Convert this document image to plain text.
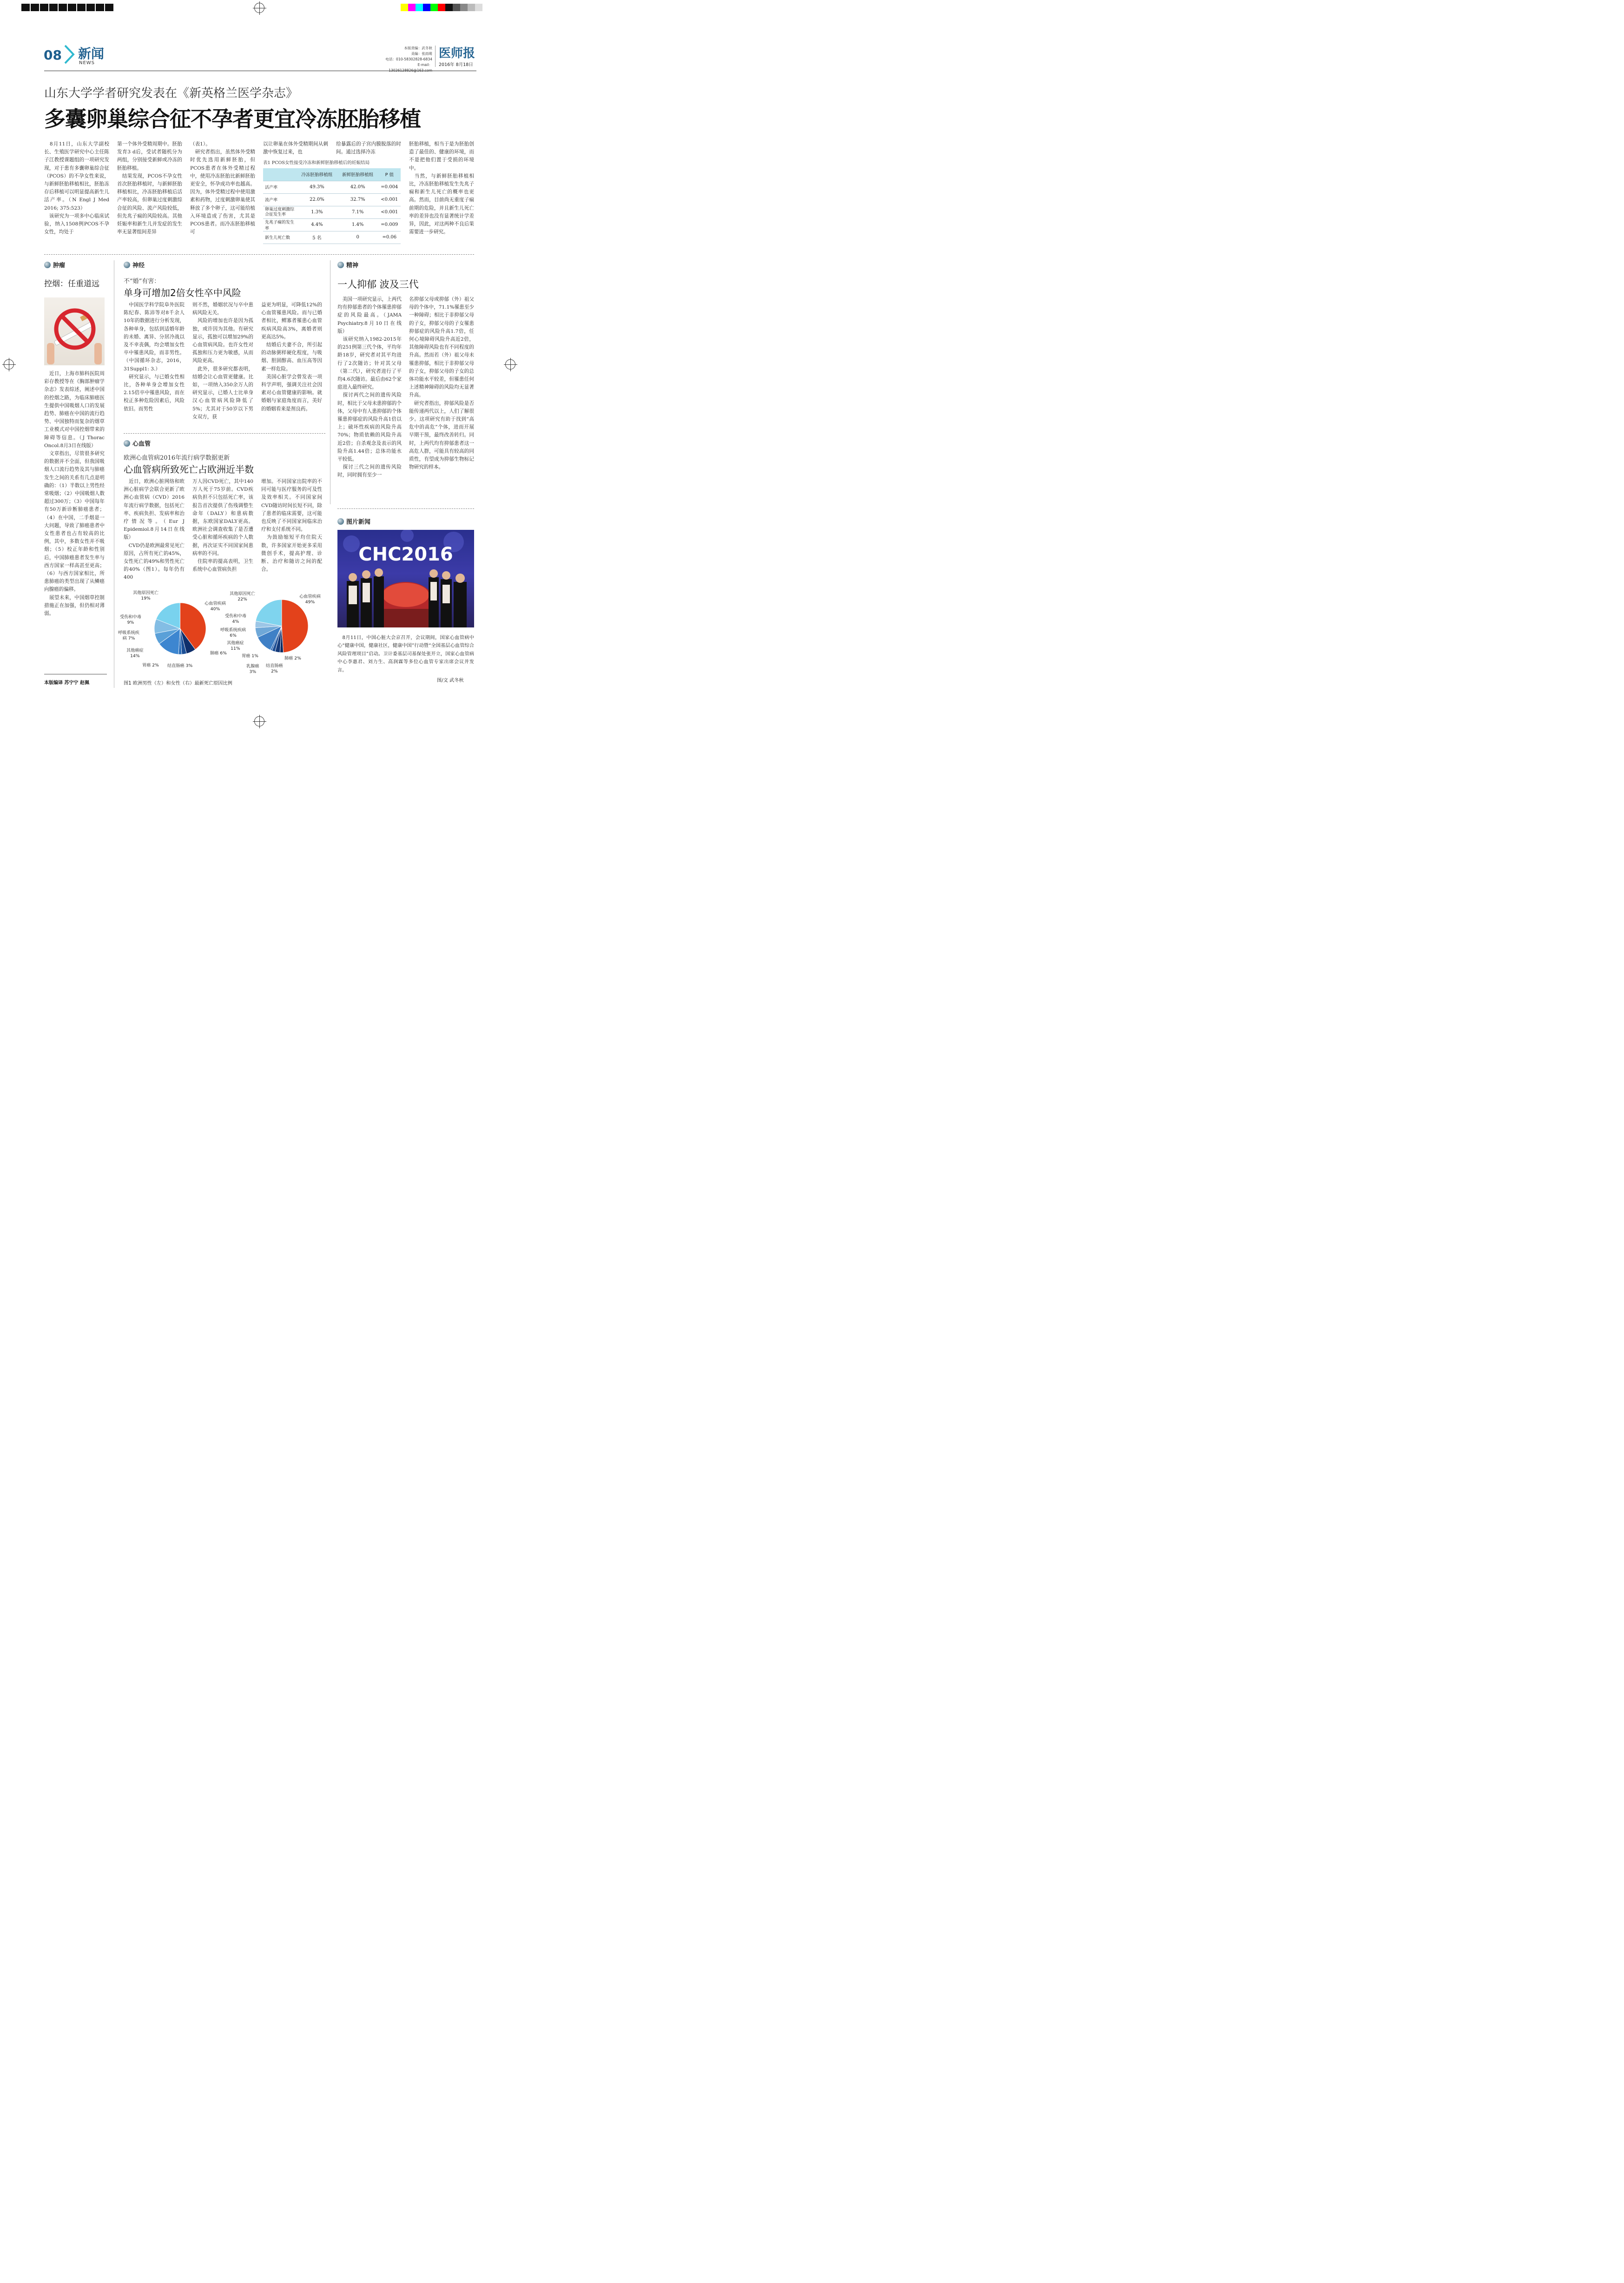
08 新闻
NEWS
本版责编：武冬秋
美编：张雨萌
电话：010-58302828-6834
E-mail：13026128826@163.com
医师报
2016年 8月18日
山东大学学者研究发表在《新英格兰医学杂志》
多囊卵巢综合征不孕者更宜冷冻胚胎移植
　8月11日，山东大学副校长、生殖医学研究中心主任陈子江教授课题组的一项研究发现，对于患有多囊卵巢综合征（PCOS）的不孕女性来说，与新鲜胚胎移植相比，胚胎冻存后移植可以明显提高新生儿活产率。（N Engl J Med 2016; 375:523）
　该研究为一项多中心临床试验，纳入1508例PCOS不孕女性，均处于
第一个体外受精周期中。胚胎发育3 d后，受试者随机分为两组，分别接受新鲜或冷冻的胚胎移植。
　结果发现，PCOS不孕女性首次胚胎移植时，与新鲜胚胎移植相比，冷冻胚胎移植后活产率较高，但卵巢过度刺激综合征的风险、流产风险较低，但先兆子痫的风险较高。其他妊娠率和新生儿并发症的发生率无显著组间差异
（表1）。
　研究者指出，虽然体外受精时优先选用新鲜胚胎，但PCOS患者在体外受精过程中，使用冷冻胚胎比新鲜胚胎更安全，怀孕成功率也越高。因为，体外受精过程中使用激素和药物，过度刺激卵巢使其释放了多个卵子，这可能给植入环境造成了伤害，尤其是PCOS患者。而冷冻胚胎移植可
以让卵巢在体外受精期间从刺激中恢复过来，也
给暴露后的子宫内膜脱落的时间。通过选择冷冻
胚胎移植，相当于是为胚胎创造了最佳的、健康的环境，而不是把他们置于受损的环境中。
　当然，与新鲜胚胎移植相比，冷冻胚胎移植发生先兆子痫和新生儿死亡的概率也更高。然而，目前尚无重度子痫前期的危险，并且新生儿死亡率的差异也没有显著统计学差异，因此，对这两种不良后果需要进一步研究。
表1 PCOS女性接受冷冻和新鲜胚胎移植后的妊娠结局
	冷冻胚胎移植组	新鲜胚胎移植组	P 值
活产率	49.3%	42.0%	=0.004
流产率	22.0%	32.7%	<0.001
卵巢过度刺激综合征发生率	1.3%	7.1%	<0.001
先兆子痫的发生率	4.4%	1.4%	=0.009
新生儿死亡数	5 名	0	=0.06
肿瘤
控烟：任重道远
　近日，上海市肺科医院周彩存教授等在《胸部肿瘤学杂志》发表综述，阐述中国的控烟之路，为临床肺癌医生提供中国吸烟人口的发展趋势、肺癌在中国的流行趋势、中国独特而复杂的烟草工业模式对中国控烟带来的障碍等信息。（J Thorac Oncol.8月3日在线版）
　文章指出，尽管很多研究的数据并不全面，但我国吸烟人口流行趋势及其与肺癌发生之间的关系有几点是明确的：（1）半数以上男性经常吸烟；（2）中国吸烟人数超过300万；（3）中国每年有50万新诊断肺癌患者；（4）在中国，二手烟是一大问题，导致了肺癌患者中女性患者也占有较高的比例，其中，多数女性并不吸烟；（5）校正年龄和性别后，中国肺癌患者发生率与西方国家一样高甚至更高；（6）与西方国家相比，所患肺癌的类型出现了从鳞癌向腺癌的偏移。
　展望未来，中国烟草控制措施正在加强，但仍相对薄弱。
本版编译 苏宁宁 赵佩
神经
不“婚”有害：
单身可增加2倍女性卒中风险
　中国医学科学院阜外医院陈纪春、陈沛等对8千余人10年的数据进行分析发现，各种单身，包括到适婚年龄的未婚、离异、分居冷战以及不幸丧偶，均会增加女性卒中罹患风险，而非男性。（中国循环杂志，2016，31Suppl1: 3.）
　研究显示，与已婚女性相比，各种单身会增加女性2.15倍卒中罹患风险，而在校正多种危险因素后，风险依旧。而男性
则不然，婚姻状况与卒中患病风险无关。
　风险的增加也许是因为孤独，或许因为其他。有研究显示，孤独可以增加29%的心血管病风险。也许女性对孤独和压力更为敏感，从而风险更高。
　此外，很多研究都表明，结婚会让心血管更健康。比如，一项纳入350余万人的研究显示，已婚人士比单身汉心血管病风险降低了5%；尤其对于50岁以下男女双方，获
益更为明显，可降低12%的心血管罹患风险。而与已婚者相比，鳏寡者罹患心血管疾病风险高3%，离婚者则更高达5%。
　结婚后夫妻不合，所引起的动脉粥样硬化程度，与吸烟、胆固醇高、血压高等因素一样危险。
　美国心脏学会曾发表一项科学声明，强调关注社会因素对心血管健康的影响。就婚姻与家庭角度而言，美好的婚姻看来是剂良药。
心血管
欧洲心血管病2016年流行病学数据更新
心血管病所致死亡占欧洲近半数
　近日，欧洲心脏网络和欧洲心脏病学会联合更新了欧洲心血管病（CVD）2016年流行病学数据，包括死亡率、疾病负担、发病率和治疗情况等。（Eur J Epidemiol.8月14日在线版）
　CVD仍是欧洲最常见死亡原因，占所有死亡的45%，女性死亡的49%和男性死亡的40%（图1）。每年仍有400
万人因CVD死亡，其中140万人死于75岁前。CVD疾病负担不只包括死亡率，该报告首次提供了伤残调整生命年（DALY）和患病数据，东欧国家DALY更高。欧洲社会调查收集了是否遭受心脏和循环疾病的个人数据，再次证实不同国家间患病率的不同。
　住院率的提高表明，卫生系统中心血管病负担
增加。不同国家出院率的不同可能与医疗服务的可及性及效率相关。不同国家间CVD随访时间长短不同，除了患者的临床需要，这可能也反映了不同国家间临床治疗和支付系统不同。
　为鼓励缩短平均住院天数，许多国家开始更多采用微创手术，提高护理、诊断、治疗和随访之间的配合。
其他原因死亡
19%
心血管疾病
40%
受伤和中毒
9%
呼吸系统疾
病 7%
其他癌症
14%
肺癌 6%
胃癌 2% 结直肠癌 3%
其他原因死亡
22%
心血管疾病
49%
受伤和中毒
4%
呼吸系统疾病
6%
其他癌症
11%
胃癌 1%	肺癌 2%
乳腺癌
3%
结直肠癌
2%
图1 欧洲男性（左）和女性（右）最新死亡原因比例
精神
一人抑郁 波及三代
　美国一项研究显示，上两代均有抑郁患者的个体罹患抑郁症的风险最高。（JAMA Psychiatry.8月10日在线版）
　该研究纳入1982-2015年的251例第三代个体，平均年龄18岁，研究者对其平均进行了2次随访；针对其父母（第二代），研究者进行了平均4.6次随访。最后由62个家庭进入最终研究。
　探讨两代之间的遗传风险时，相比于父母未患抑郁的个体，父母中有人患抑郁的个体罹患抑郁症的风险升高1倍以上；破坏性疾病的风险升高70%；物质依赖的风险升高近2倍；自杀观念及表示的风险升高1.44倍；总体功能水平较低。
　探讨三代之间的遗传风险时，同时拥有至少一
名抑郁父母或抑郁（外）祖父母的个体中，71.1%罹患至少一种障碍；相比于非抑郁父母的子女，抑郁父母的子女罹患抑郁症的风险升高1.7倍，任何心境障碍风险升高近2倍，其他障碍风险也有不同程度的升高。然而若（外）祖父母未罹患抑郁，相比于非抑郁父母的子女，抑郁父母的子女的总体功能水平较差，但罹患任何上述精神障碍的风险均无显著升高。
　研究者指出，抑郁风险是否能传递两代以上，人们了解很少。这项研究有助于找到“高危中的高危”个体，进而开展早期干预，最终改善转归。同时，上两代均有抑郁患者这一高危人群，可能具有较高的同质性，有望成为抑郁生物标记物研究的样本。
图片新闻
CHC2016
　8月11日，中国心脏大会京召开，会议期间，国家心血管病中心“健康中国，健康社区，健康中国”行动暨“全国基层心血管综合风险管理项目”启动。卫计委基层司基保处张开立，国家心血管病中心李惠君、刘力生、高润霖等多位心血管专家出席会议并发言。
图/文 武冬秋
